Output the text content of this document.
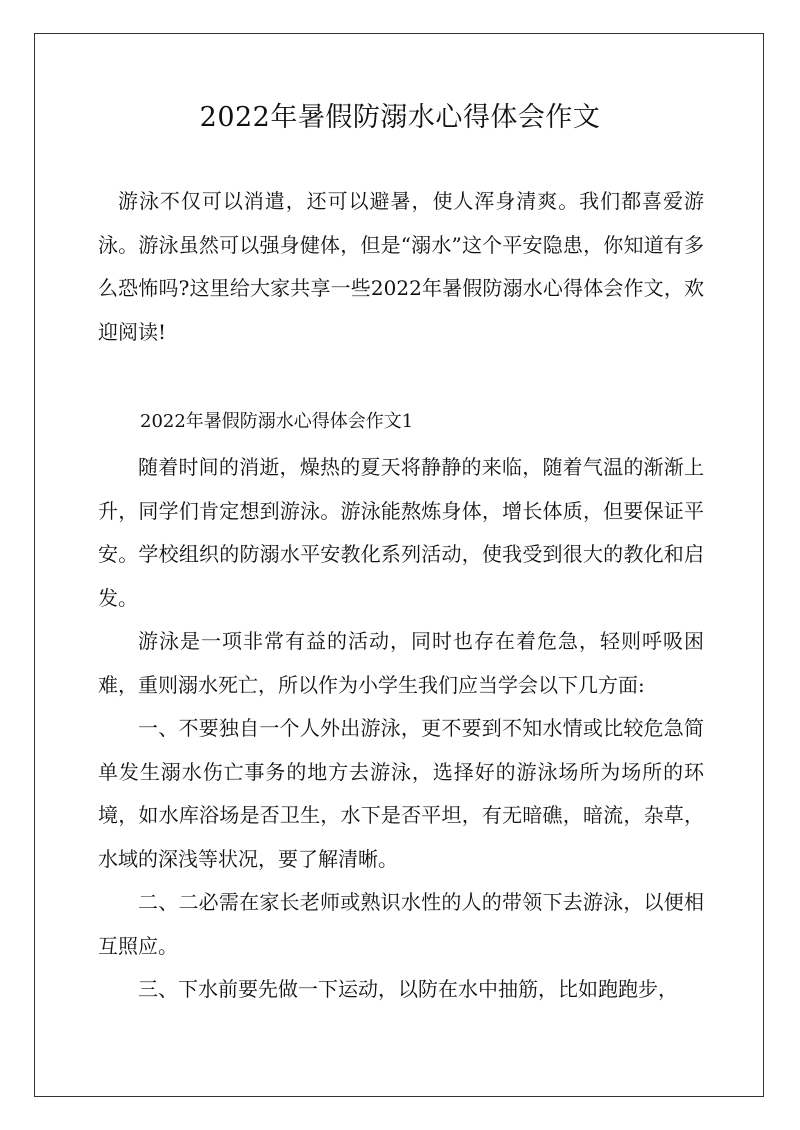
2022年暑假防溺水心得体会作文

游泳不仅可以消遣，还可以避暑，使人浑身清爽。我们都喜爱游泳。游泳虽然可以强身健体，但是“溺水”这个平安隐患，你知道有多么恐怖吗?这里给大家共享一些2022年暑假防溺水心得体会作文，欢迎阅读!

2022年暑假防溺水心得体会作文1

随着时间的消逝，燥热的夏天将静静的来临，随着气温的渐渐上升，同学们肯定想到游泳。游泳能熬炼身体，增长体质，但要保证平安。学校组织的防溺水平安教化系列活动，使我受到很大的教化和启发。

游泳是一项非常有益的活动，同时也存在着危急，轻则呼吸困难，重则溺水死亡，所以作为小学生我们应当学会以下几方面:

一、不要独自一个人外出游泳，更不要到不知水情或比较危急简单发生溺水伤亡事务的地方去游泳，选择好的游泳场所为场所的环境，如水库浴场是否卫生，水下是否平坦，有无暗礁，暗流，杂草，水域的深浅等状况，要了解清晰。

二、二必需在家长老师或熟识水性的人的带领下去游泳，以便相互照应。

三、下水前要先做一下运动，以防在水中抽筋，比如跑跑步，
